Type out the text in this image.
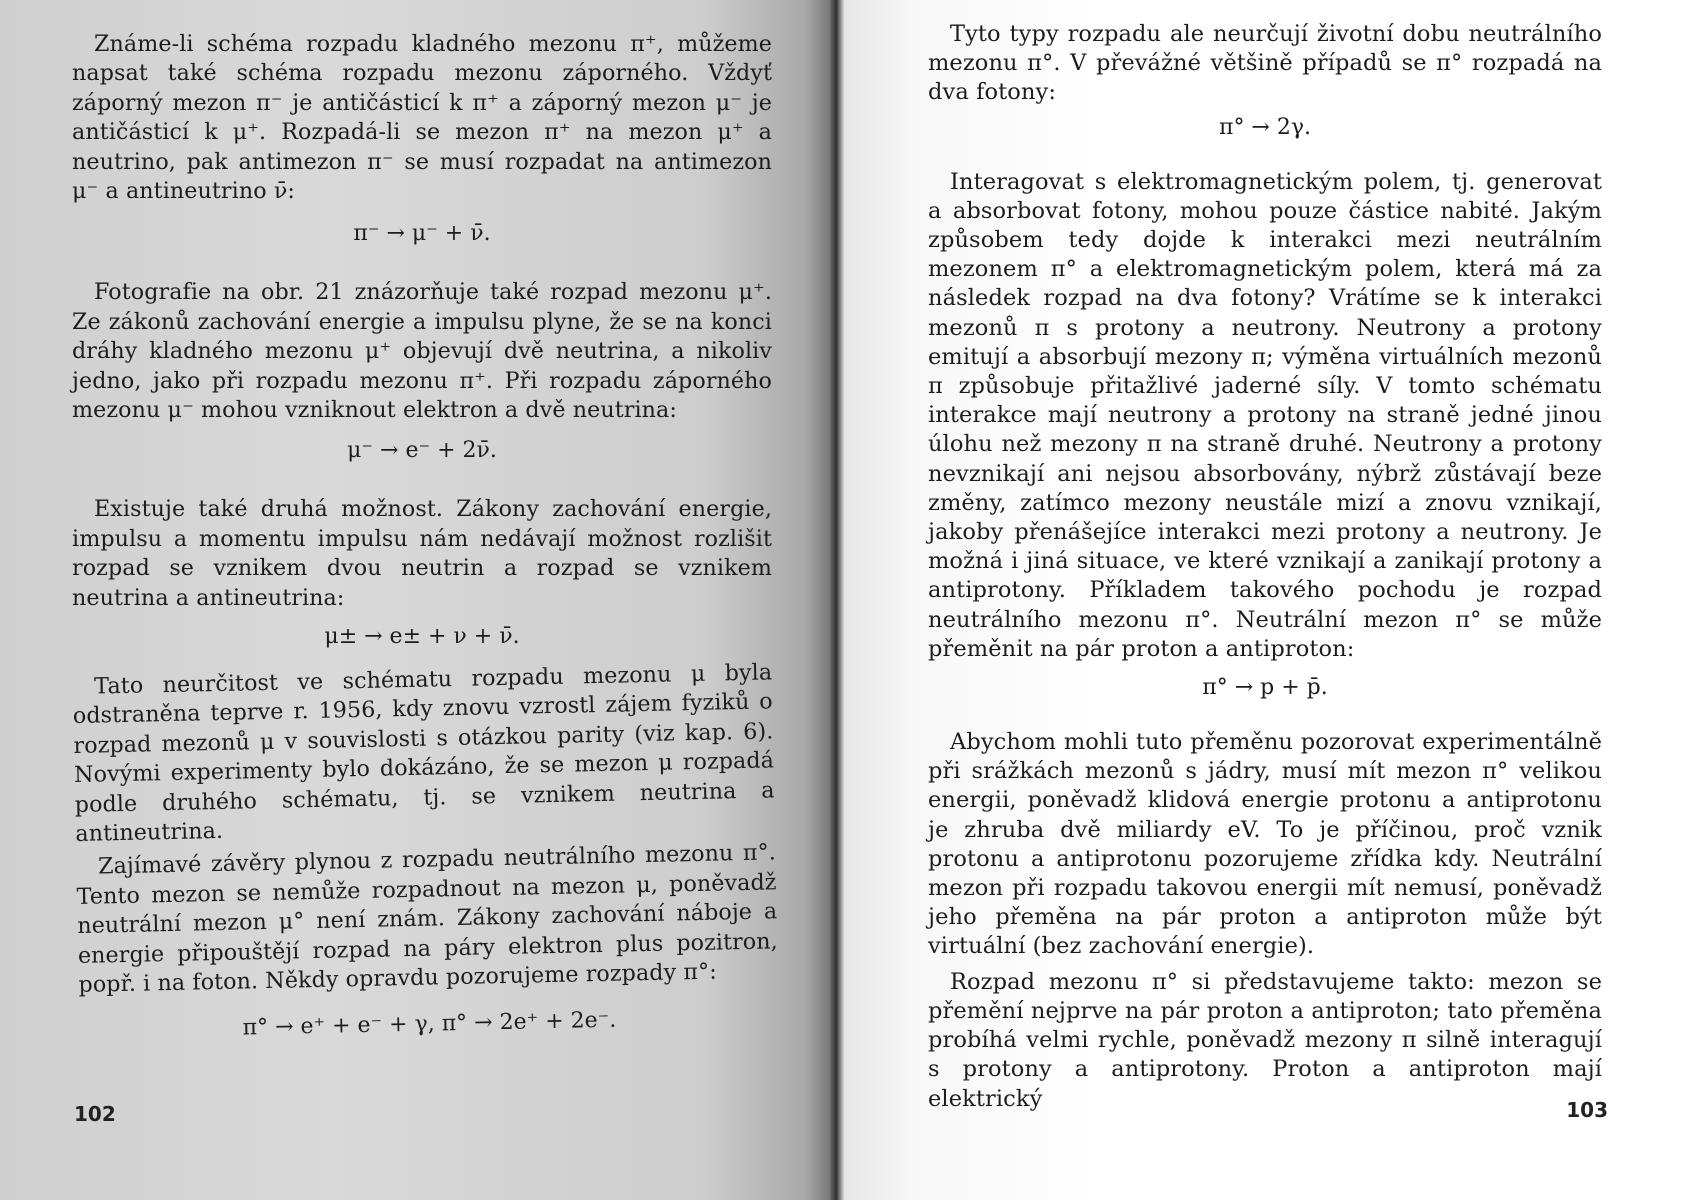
Známe-li schéma rozpadu kladného mezonu π⁺, můžeme napsat také schéma rozpadu mezonu záporného. Vždyť záporný mezon π⁻ je antičásticí k π⁺ a záporný mezon μ⁻ je antičásticí k μ⁺. Rozpadá-li se mezon π⁺ na mezon μ⁺ a neutrino, pak antimezon π⁻ se musí rozpadat na antimezon μ⁻ a antineutrino ν̄:

π⁻ → μ⁻ + ν̄.

Fotografie na obr. 21 znázorňuje také rozpad mezonu μ⁺. Ze zákonů zachování energie a impulsu plyne, že se na konci dráhy kladného mezonu μ⁺ objevují dvě neutrina, a nikoliv jedno, jako při rozpadu mezonu π⁺. Při rozpadu záporného mezonu μ⁻ mohou vzniknout elektron a dvě neutrina:

μ⁻ → e⁻ + 2ν̄.

Existuje také druhá možnost. Zákony zachování energie, impulsu a momentu impulsu nám nedávají možnost rozlišit rozpad se vznikem dvou neutrin a rozpad se vznikem neutrina a antineutrina:

μ± → e± + ν + ν̄.

Tato neurčitost ve schématu rozpadu mezonu μ byla odstraněna teprve r. 1956, kdy znovu vzrostl zájem fyziků o rozpad mezonů μ v souvislosti s otázkou parity (viz kap. 6). Novými experimenty bylo dokázáno, že se mezon μ rozpadá podle druhého schématu, tj. se vznikem neutrina a antineutrina.

Zajímavé závěry plynou z rozpadu neutrálního mezonu π°. Tento mezon se nemůže rozpadnout na mezon μ, poněvadž neutrální mezon μ° není znám. Zákony zachování náboje a energie připouštějí rozpad na páry elektron plus pozitron, popř. i na foton. Někdy opravdu pozorujeme rozpady π°:

π° → e⁺ + e⁻ + γ, π° → 2e⁺ + 2e⁻.

102

Tyto typy rozpadu ale neurčují životní dobu neutrálního mezonu π°. V převážné většině případů se π° rozpadá na dva fotony:

π° → 2γ.

Interagovat s elektromagnetickým polem, tj. generovat a absorbovat fotony, mohou pouze částice nabité. Jakým způsobem tedy dojde k interakci mezi neutrálním mezonem π° a elektromagnetickým polem, která má za následek rozpad na dva fotony? Vrátíme se k interakci mezonů π s protony a neutrony. Neutrony a protony emitují a absorbují mezony π; výměna virtuálních mezonů π způsobuje přitažlivé jaderné síly. V tomto schématu interakce mají neutrony a protony na straně jedné jinou úlohu než mezony π na straně druhé. Neutrony a protony nevznikají ani nejsou absorbovány, nýbrž zůstávají beze změny, zatímco mezony neustále mizí a znovu vznikají, jakoby přenášejíce interakci mezi protony a neutrony. Je možná i jiná situace, ve které vznikají a zanikají protony a antiprotony. Příkladem takového pochodu je rozpad neutrálního mezonu π°. Neutrální mezon π° se může přeměnit na pár proton a antiproton:

π° → p + p̄.

Abychom mohli tuto přeměnu pozorovat experimentálně při srážkách mezonů s jádry, musí mít mezon π° velikou energii, poněvadž klidová energie protonu a antiprotonu je zhruba dvě miliardy eV. To je příčinou, proč vznik protonu a antiprotonu pozorujeme zřídka kdy. Neutrální mezon při rozpadu takovou energii mít nemusí, poněvadž jeho přeměna na pár proton a antiproton může být virtuální (bez zachování energie).

Rozpad mezonu π° si představujeme takto: mezon se přemění nejprve na pár proton a antiproton; tato přeměna probíhá velmi rychle, poněvadž mezony π silně interagují s protony a antiprotony. Proton a antiproton mají elektrický	103
